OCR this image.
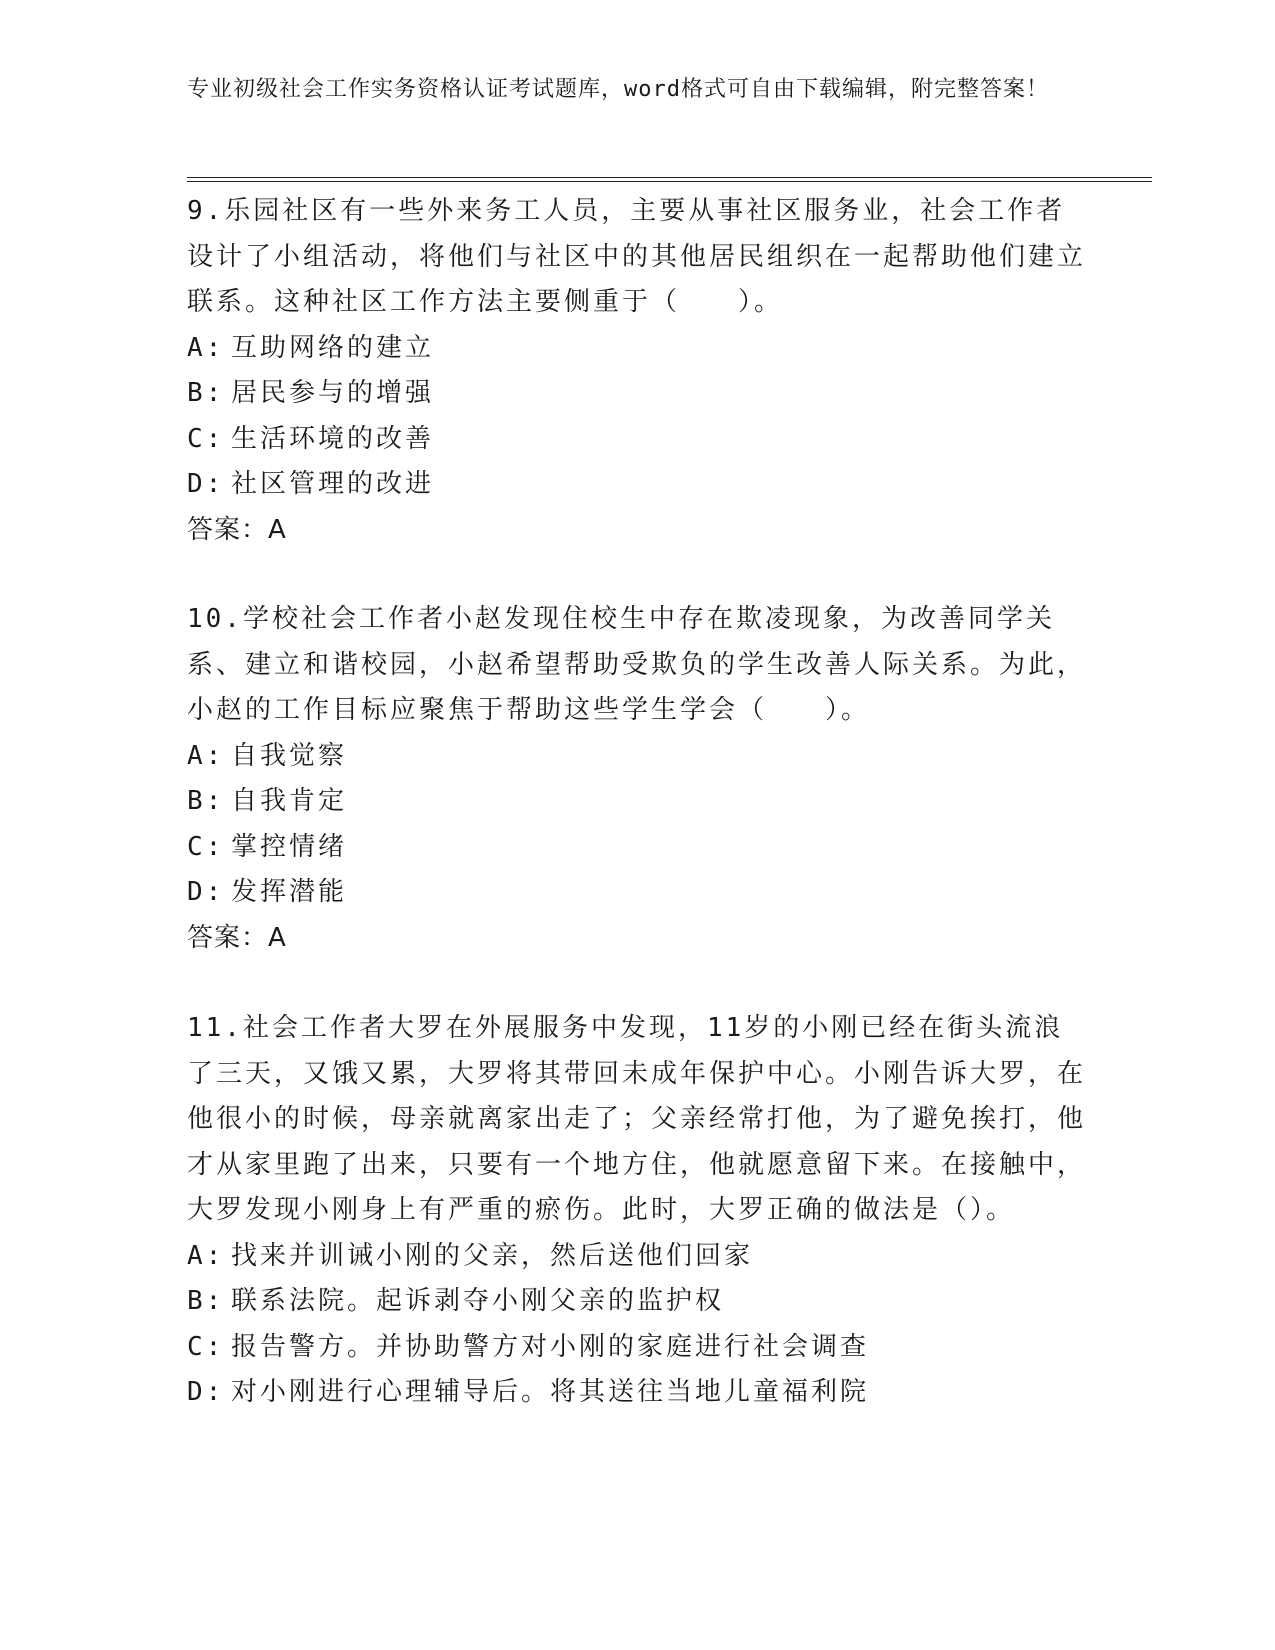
专业初级社会工作实务资格认证考试题库，word格式可自由下载编辑，附完整答案！

9.乐园社区有一些外来务工人员，主要从事社区服务业，社会工作者设计了小组活动，将他们与社区中的其他居民组织在一起帮助他们建立联系。这种社区工作方法主要侧重于（　　）。

A: 互助网络的建立
B: 居民参与的增强
C: 生活环境的改善
D: 社区管理的改进

答案：A

10.学校社会工作者小赵发现住校生中存在欺凌现象，为改善同学关系、建立和谐校园，小赵希望帮助受欺负的学生改善人际关系。为此，小赵的工作目标应聚焦于帮助这些学生学会（　　）。

A: 自我觉察
B: 自我肯定
C: 掌控情绪
D: 发挥潜能

答案：A

11.社会工作者大罗在外展服务中发现，11岁的小刚已经在街头流浪了三天，又饿又累，大罗将其带回未成年保护中心。小刚告诉大罗，在他很小的时候，母亲就离家出走了；父亲经常打他，为了避免挨打，他才从家里跑了出来，只要有一个地方住，他就愿意留下来。在接触中，大罗发现小刚身上有严重的瘀伤。此时，大罗正确的做法是（）。

A: 找来并训诫小刚的父亲，然后送他们回家
B: 联系法院。起诉剥夺小刚父亲的监护权
C: 报告警方。并协助警方对小刚的家庭进行社会调查
D: 对小刚进行心理辅导后。将其送往当地儿童福利院
